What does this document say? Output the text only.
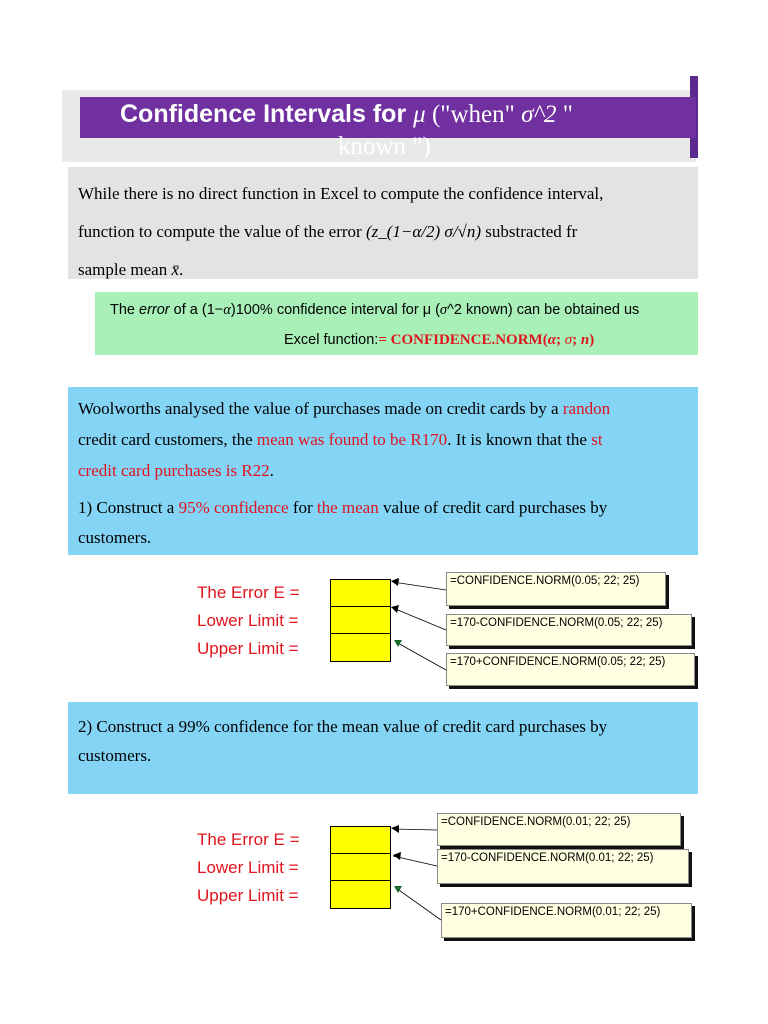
Confidence Intervals for μ ("when" σ^2 "
known ")

While there is no direct function in Excel to compute the confidence interval,

function to compute the value of the error (z_(1−α/2) σ/√n) substracted fr

sample mean x̄.

The error of a (1−α)100% confidence interval for μ (σ^2 known) can be obtained us
Excel function:= CONFIDENCE.NORM(α; σ; n)

Woolworths analysed the value of purchases made on credit cards by a randon

credit card customers, the mean was found to be R170. It is known that the st

credit card purchases is R22.

1) Construct a 95% confidence for the mean value of credit card purchases by

customers.

The Error E =
Lower Limit =
Upper Limit =
=CONFIDENCE.NORM(0.05; 22; 25)
=170-CONFIDENCE.NORM(0.05; 22; 25)
=170+CONFIDENCE.NORM(0.05; 22; 25)

2) Construct a 99% confidence for the mean value of credit card purchases by

customers.

The Error E =
Lower Limit =
Upper Limit =
=CONFIDENCE.NORM(0.01; 22; 25)
=170-CONFIDENCE.NORM(0.01; 22; 25)
=170+CONFIDENCE.NORM(0.01; 22; 25)
